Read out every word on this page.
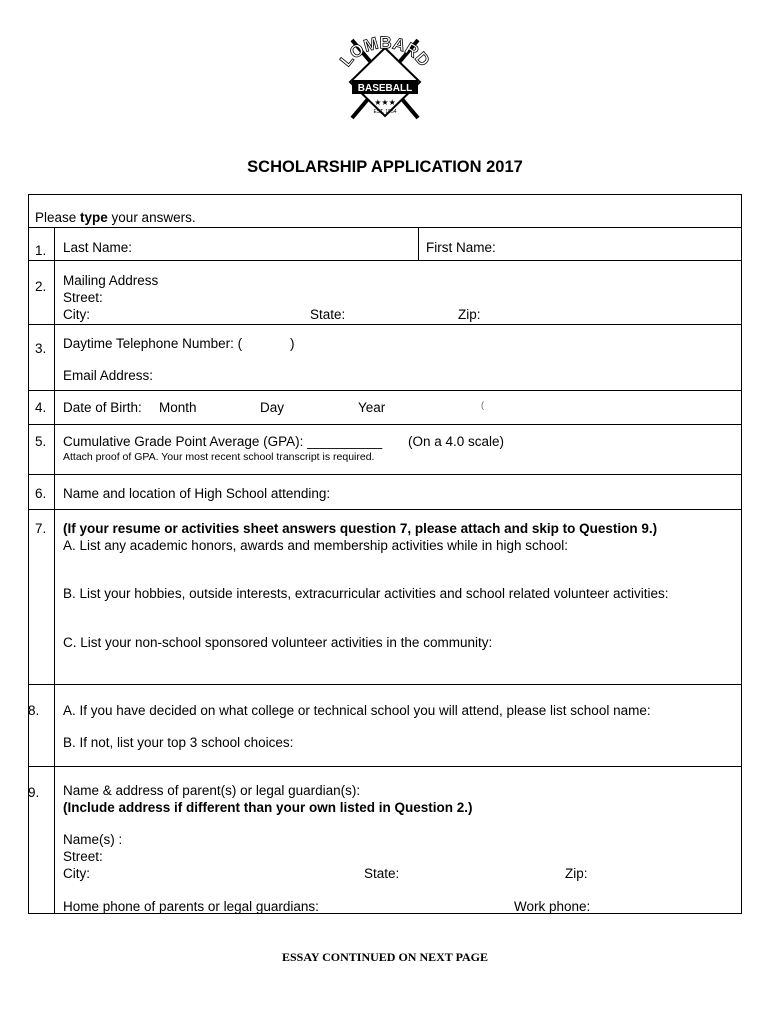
LOMBARD
BASEBALL
★★★
EST. 1954
SCHOLARSHIP APPLICATION 2017
Please type your answers.
1. Last Name:	First Name:
2. Mailing Address
Street:
City:	State:	Zip:
3. Daytime Telephone Number: (	)
Email Address:
4. Date of Birth: Month	Day	Year	(
5. Cumulative Grade Point Average (GPA): __________ (On a 4.0 scale)
Attach proof of GPA. Your most recent school transcript is required.
6. Name and location of High School attending:
7. (If your resume or activities sheet answers question 7, please attach and skip to Question 9.)
A. List any academic honors, awards and membership activities while in high school:
B. List your hobbies, outside interests, extracurricular activities and school related volunteer activities:
C. List your non-school sponsored volunteer activities in the community:
8. A. If you have decided on what college or technical school you will attend, please list school name:
B. If not, list your top 3 school choices:
9. Name & address of parent(s) or legal guardian(s):
(Include address if different than your own listed in Question 2.)
Name(s) :
Street:
City:	State:	Zip:
Home phone of parents or legal guardians:	Work phone:
ESSAY CONTINUED ON NEXT PAGE
